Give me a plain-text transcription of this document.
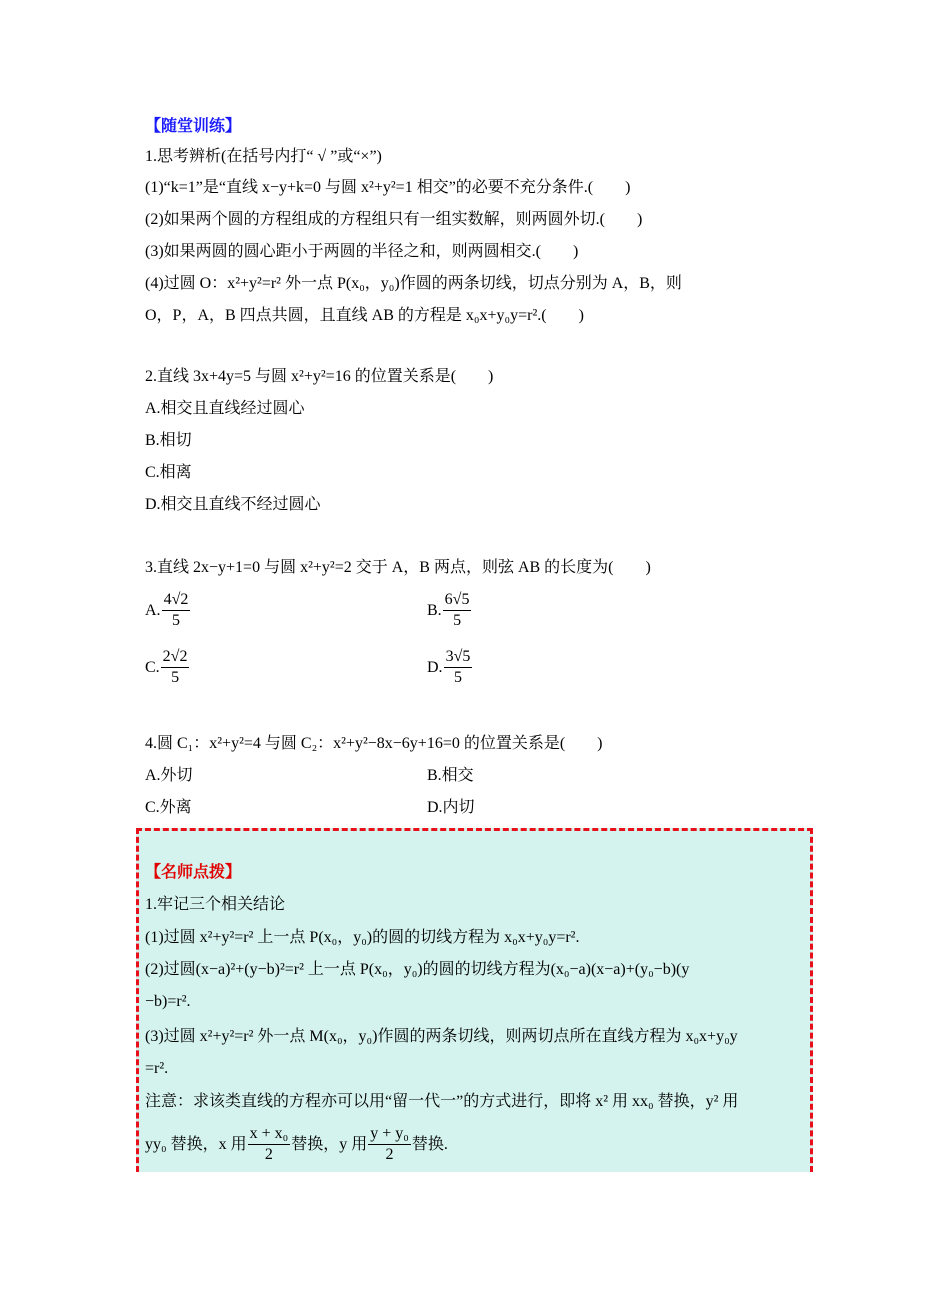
【随堂训练】
1.思考辨析(在括号内打“ √ ”或“×”)
(1)“k=1”是“直线 x−y+k=0 与圆 x²+y²=1 相交”的必要不充分条件.(　　)
(2)如果两个圆的方程组成的方程组只有一组实数解，则两圆外切.(　　)
(3)如果两圆的圆心距小于两圆的半径之和，则两圆相交.(　　)
(4)过圆 O：x²+y²=r² 外一点 P(x₀，y₀)作圆的两条切线，切点分别为 A，B，则
O，P，A，B 四点共圆，且直线 AB 的方程是 x₀x+y₀y=r².(　　)
2.直线 3x+4y=5 与圆 x²+y²=16 的位置关系是(　　)
A.相交且直线经过圆心
B.相切
C.相离
D.相交且直线不经过圆心
3.直线 2x−y+1=0 与圆 x²+y²=2 交于 A，B 两点，则弦 AB 的长度为(　　)
A. $\frac{4√2}{5}$	B. $\frac{6√5}{5}$
C. $\frac{2√2}{5}$	D. $\frac{3√5}{5}$
4.圆 C₁：x²+y²=4 与圆 C₂：x²+y²−8x−6y+16=0 的位置关系是(　　)
A.外切	B.相交
C.外离	D.内切
【名师点拨】
1.牢记三个相关结论
(1)过圆 x²+y²=r² 上一点 P(x₀，y₀)的圆的切线方程为 x₀x+y₀y=r².
(2)过圆(x−a)²+(y−b)²=r² 上一点 P(x₀，y₀)的圆的切线方程为(x₀−a)(x−a)+(y₀−b)(y
−b)=r².
(3)过圆 x²+y²=r² 外一点 M(x₀，y₀)作圆的两条切线，则两切点所在直线方程为 x₀x+y₀y
=r².
注意：求该类直线的方程亦可以用“留一代一”的方式进行，即将 x² 用 xx₀ 替换，y² 用
yy₀ 替换，x 用 $\frac{\text{x + x₀}}{2}$ 替换，y 用 $\frac{\text{y + y₀}}{2}$ 替换.
